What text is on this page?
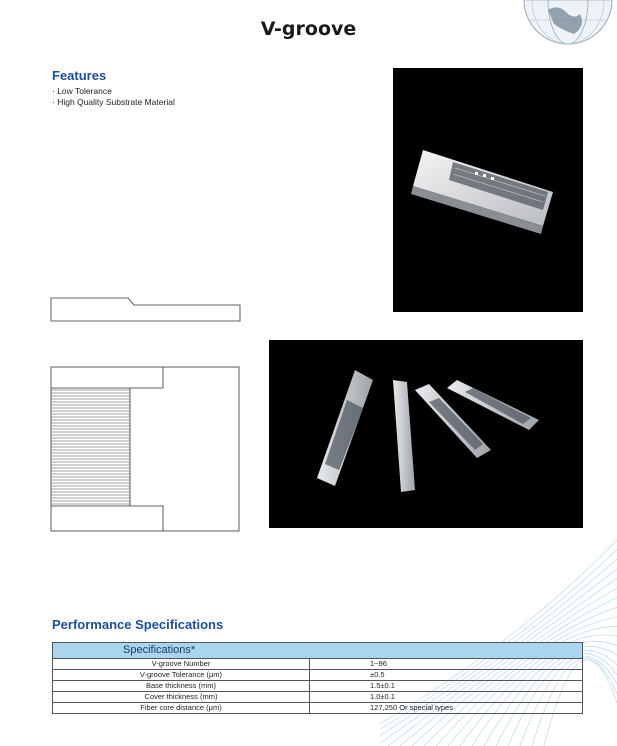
V-groove
Features
· Low Tolerance
· High Quality Substrate Material
Performance Specifications
Specifications*	
V-groove Number	1~96
V-groove Tolerance (μm)	±0.5
Base thickness (mm)	1.5±0.1
Cover thickness (mm)	1.0±0.1
Fiber core distance (μm)	127,250 Or special types
